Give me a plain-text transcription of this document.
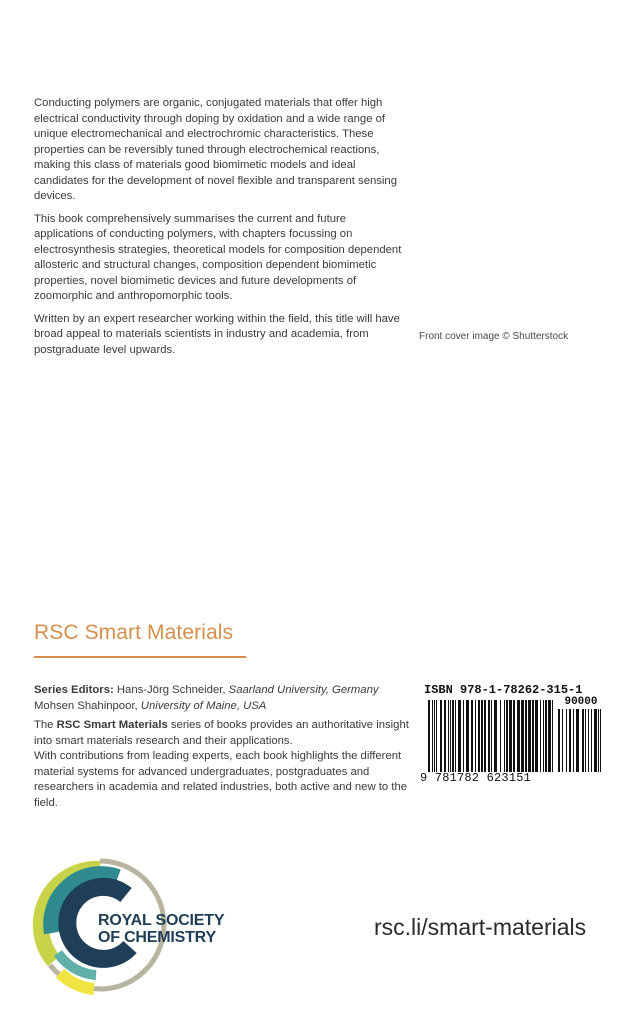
Conducting polymers are organic, conjugated materials that offer high electrical conductivity through doping by oxidation and a wide range of unique electromechanical and electrochromic characteristics. These properties can be reversibly tuned through electrochemical reactions, making this class of materials good biomimetic models and ideal candidates for the development of novel flexible and transparent sensing devices.

This book comprehensively summarises the current and future applications of conducting polymers, with chapters focussing on electrosynthesis strategies, theoretical models for composition dependent allosteric and structural changes, composition dependent biomimetic properties, novel biomimetic devices and future developments of zoomorphic and anthropomorphic tools.

Written by an expert researcher working within the field, this title will have broad appeal to materials scientists in industry and academia, from postgraduate level upwards.

Front cover image © Shutterstock
RSC Smart Materials
Series Editors: Hans-Jörg Schneider, Saarland University, Germany
Mohsen Shahinpoor, University of Maine, USA

The RSC Smart Materials series of books provides an authoritative insight into smart materials research and their applications.

With contributions from leading experts, each book highlights the different material systems for advanced undergraduates, postgraduates and researchers in academia and related industries, both active and new to the field.

ISBN 978-1-78262-315-1
90000
9 781782 623151
ROYAL SOCIETY
OF CHEMISTRY	rsc.li/smart-materials
